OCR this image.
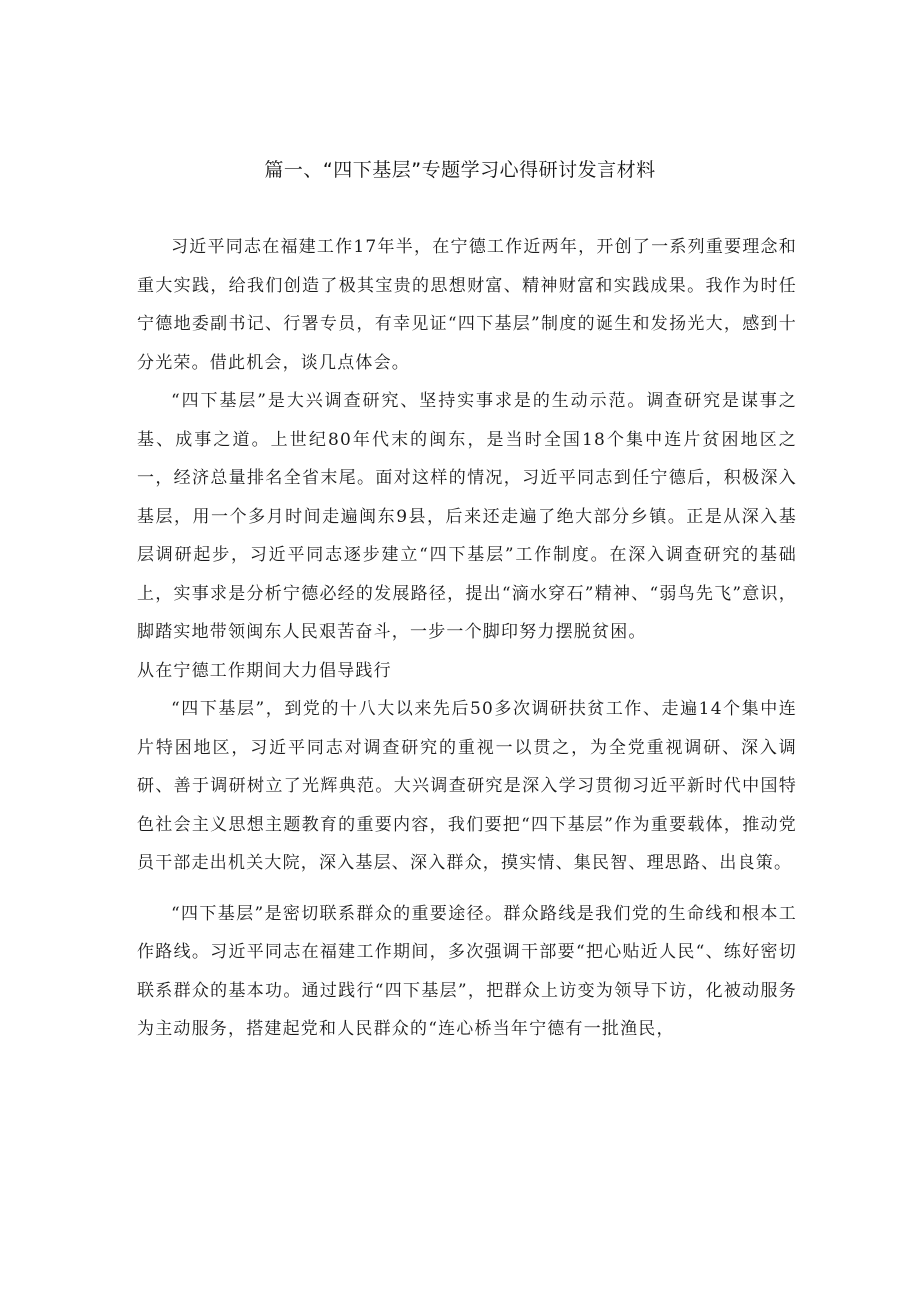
篇一、“四下基层”专题学习心得研讨发言材料

习近平同志在福建工作17年半，在宁德工作近两年，开创了一系列重要理念和重大实践，给我们创造了极其宝贵的思想财富、精神财富和实践成果。我作为时任宁德地委副书记、行署专员，有幸见证“四下基层”制度的诞生和发扬光大，感到十分光荣。借此机会，谈几点体会。

“四下基层”是大兴调查研究、坚持实事求是的生动示范。调查研究是谋事之基、成事之道。上世纪80年代末的闽东，是当时全国18个集中连片贫困地区之一，经济总量排名全省末尾。面对这样的情况，习近平同志到任宁德后，积极深入基层，用一个多月时间走遍闽东9县，后来还走遍了绝大部分乡镇。正是从深入基层调研起步，习近平同志逐步建立“四下基层”工作制度。在深入调查研究的基础上，实事求是分析宁德必经的发展路径，提出“滴水穿石”精神、“弱鸟先飞”意识，脚踏实地带领闽东人民艰苦奋斗，一步一个脚印努力摆脱贫困。

从在宁德工作期间大力倡导践行

“四下基层”，到党的十八大以来先后50多次调研扶贫工作、走遍14个集中连片特困地区，习近平同志对调查研究的重视一以贯之，为全党重视调研、深入调研、善于调研树立了光辉典范。大兴调查研究是深入学习贯彻习近平新时代中国特色社会主义思想主题教育的重要内容，我们要把“四下基层”作为重要载体，推动党员干部走出机关大院，深入基层、深入群众，摸实情、集民智、理思路、出良策。

“四下基层”是密切联系群众的重要途径。群众路线是我们党的生命线和根本工作路线。习近平同志在福建工作期间，多次强调干部要“把心贴近人民“、练好密切联系群众的基本功。通过践行“四下基层”，把群众上访变为领导下访，化被动服务为主动服务，搭建起党和人民群众的“连心桥当年宁德有一批渔民，
